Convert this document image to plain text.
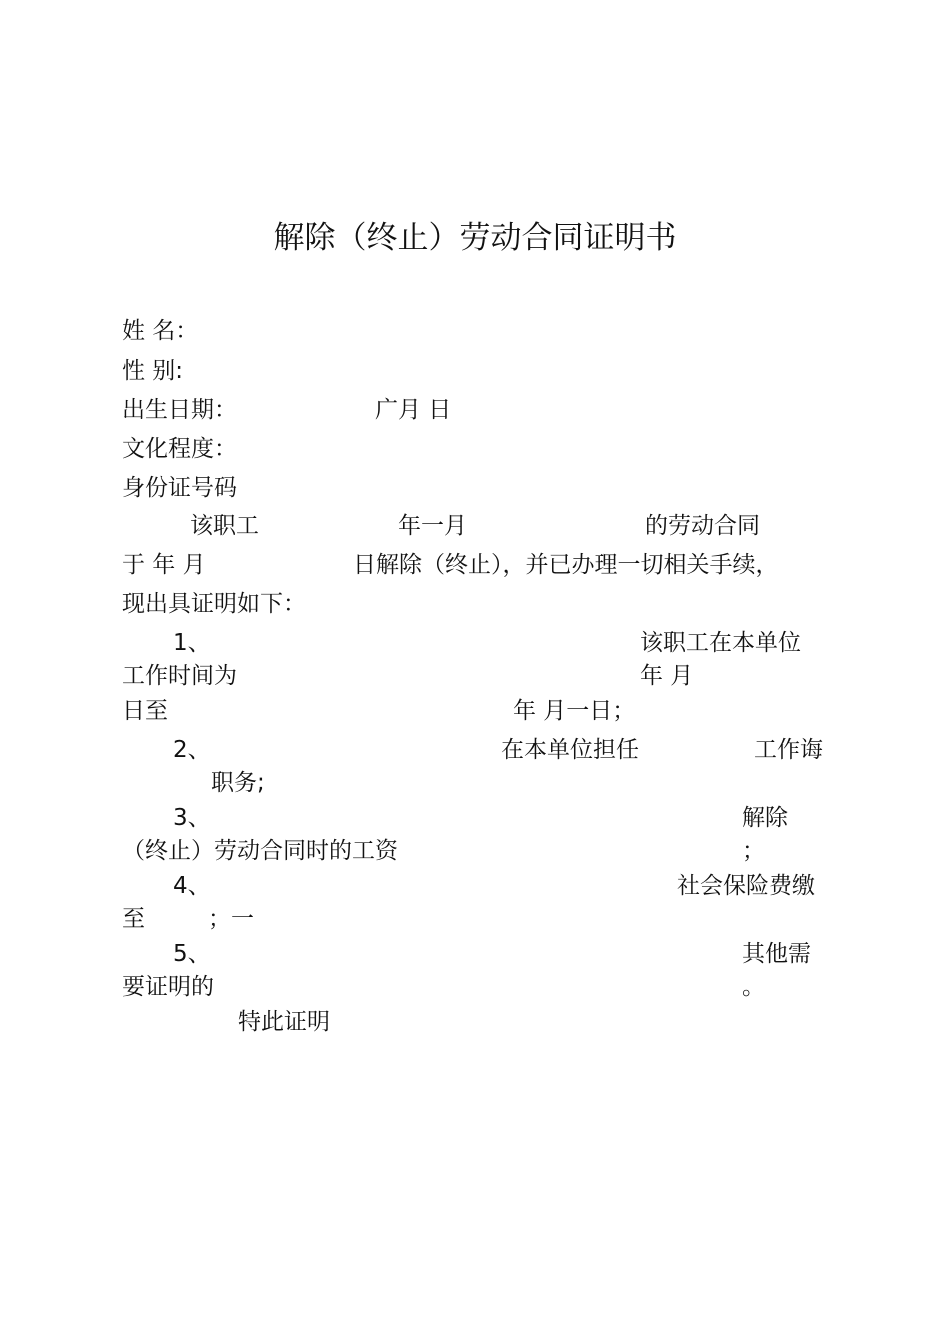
解除（终止）劳动合同证明书
姓 名：
性 别:
出生日期：	广月 日
文化程度：
身份证号码
该职工	年一月	的劳动合同
于 年 月	日解除（终止），并已办理一切相关手续，
现出具证明如下：
1、	该职工在本单位
工作时间为	年 月
日至	年 月一日；
2、	在本单位担任	工作诲
职务;
3、	解除
（终止）劳动合同时的工资	；
4、	社会保险费缴
至	；一
5、	其他需
要证明的	。
特此证明
